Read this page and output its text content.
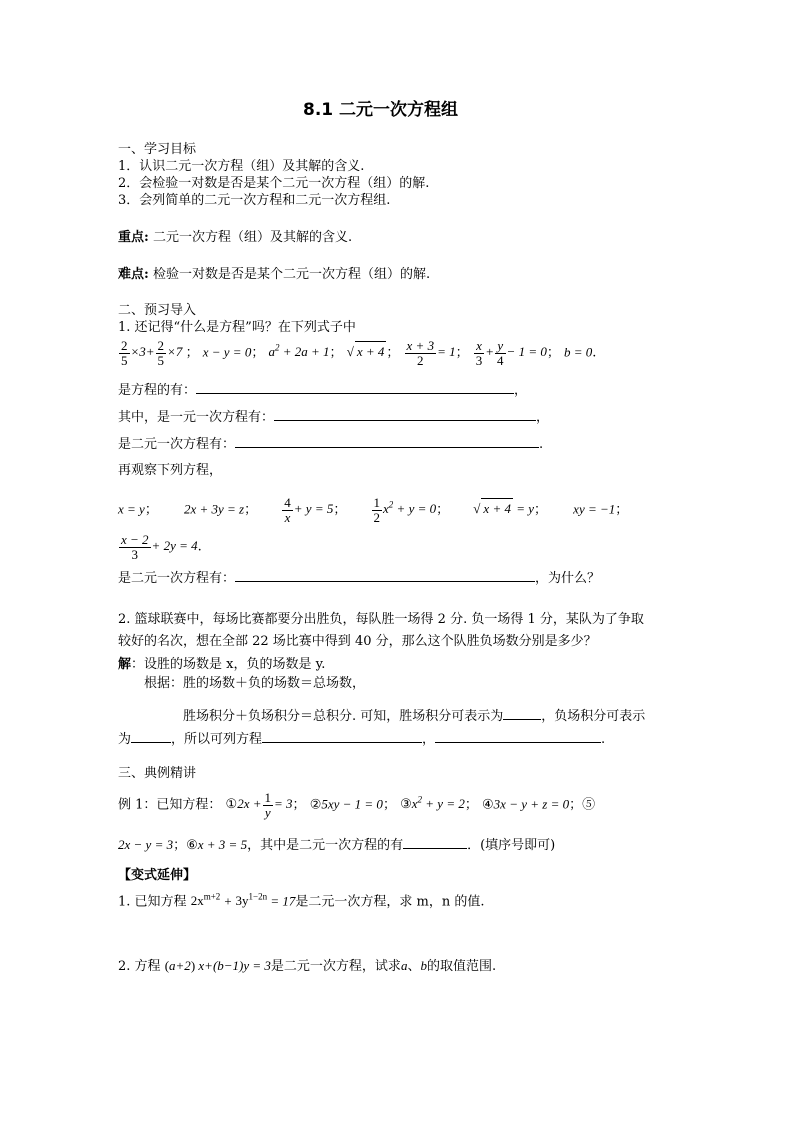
8.1 二元一次方程组
一、学习目标
1．认识二元一次方程（组）及其解的含义.
2．会检验一对数是否是某个二元一次方程（组）的解.
3．会列简单的二元一次方程和二元一次方程组.
重点: 二元一次方程（组）及其解的含义.
难点: 检验一对数是否是某个二元一次方程（组）的解.
二、预习导入
1. 还记得“什么是方程”吗？在下列式子中
$\frac{2}{5} \times 3+ \frac{2}{5} \times 7$ ； x − y = 0； $a^2 + 2a + 1$； √ x + 4 ； $\frac{x + 3}{2} = 1$； $\frac{x}{3} + \frac{y}{4} - 1 = 0$； b = 0.
是方程的有：	，
其中，是一元一次方程有：	，
是二元一次方程有：	.
再观察下列方程，
x = y； 2x + 3y = z； $\frac{4}{x} + y = 5$； $\frac{1}{2} x^2 + y = 0$； √ x + 4 = y； xy = −1；
$\frac{x - 2}{3} + 2y = 4$.
是二元一次方程有：	，为什么？
2. 篮球联赛中，每场比赛都要分出胜负，每队胜一场得 2 分. 负一场得 1 分，某队为了争取
较好的名次，想在全部 22 场比赛中得到 40 分，那么这个队胜负场数分别是多少？
解：设胜的场数是 x，负的场数是 y.
根据：胜的场数＋负的场数＝总场数，
胜场积分＋负场积分＝总积分. 可知，胜场积分可表示为	，负场积分可表示
为	，所以可列方程	，	.
三、典例精讲
例 1：已知方程： ①2x + $\frac{1}{y} = 3$； ②5xy − 1 = 0； $③x^2 + y = 2$； ④3x − y + z = 0；⑤
2x − y = 3；⑥x + 3 = 5，其中是二元一次方程的有	．(填序号即可)
【变式延伸】
1. 已知方程 $2x^{m+2} + 3y^{1-2n} = 17$是二元一次方程，求 m，n 的值.
2. 方程 (a+2) x+(b−1)y = 3是二元一次方程，试求a、b的取值范围.
